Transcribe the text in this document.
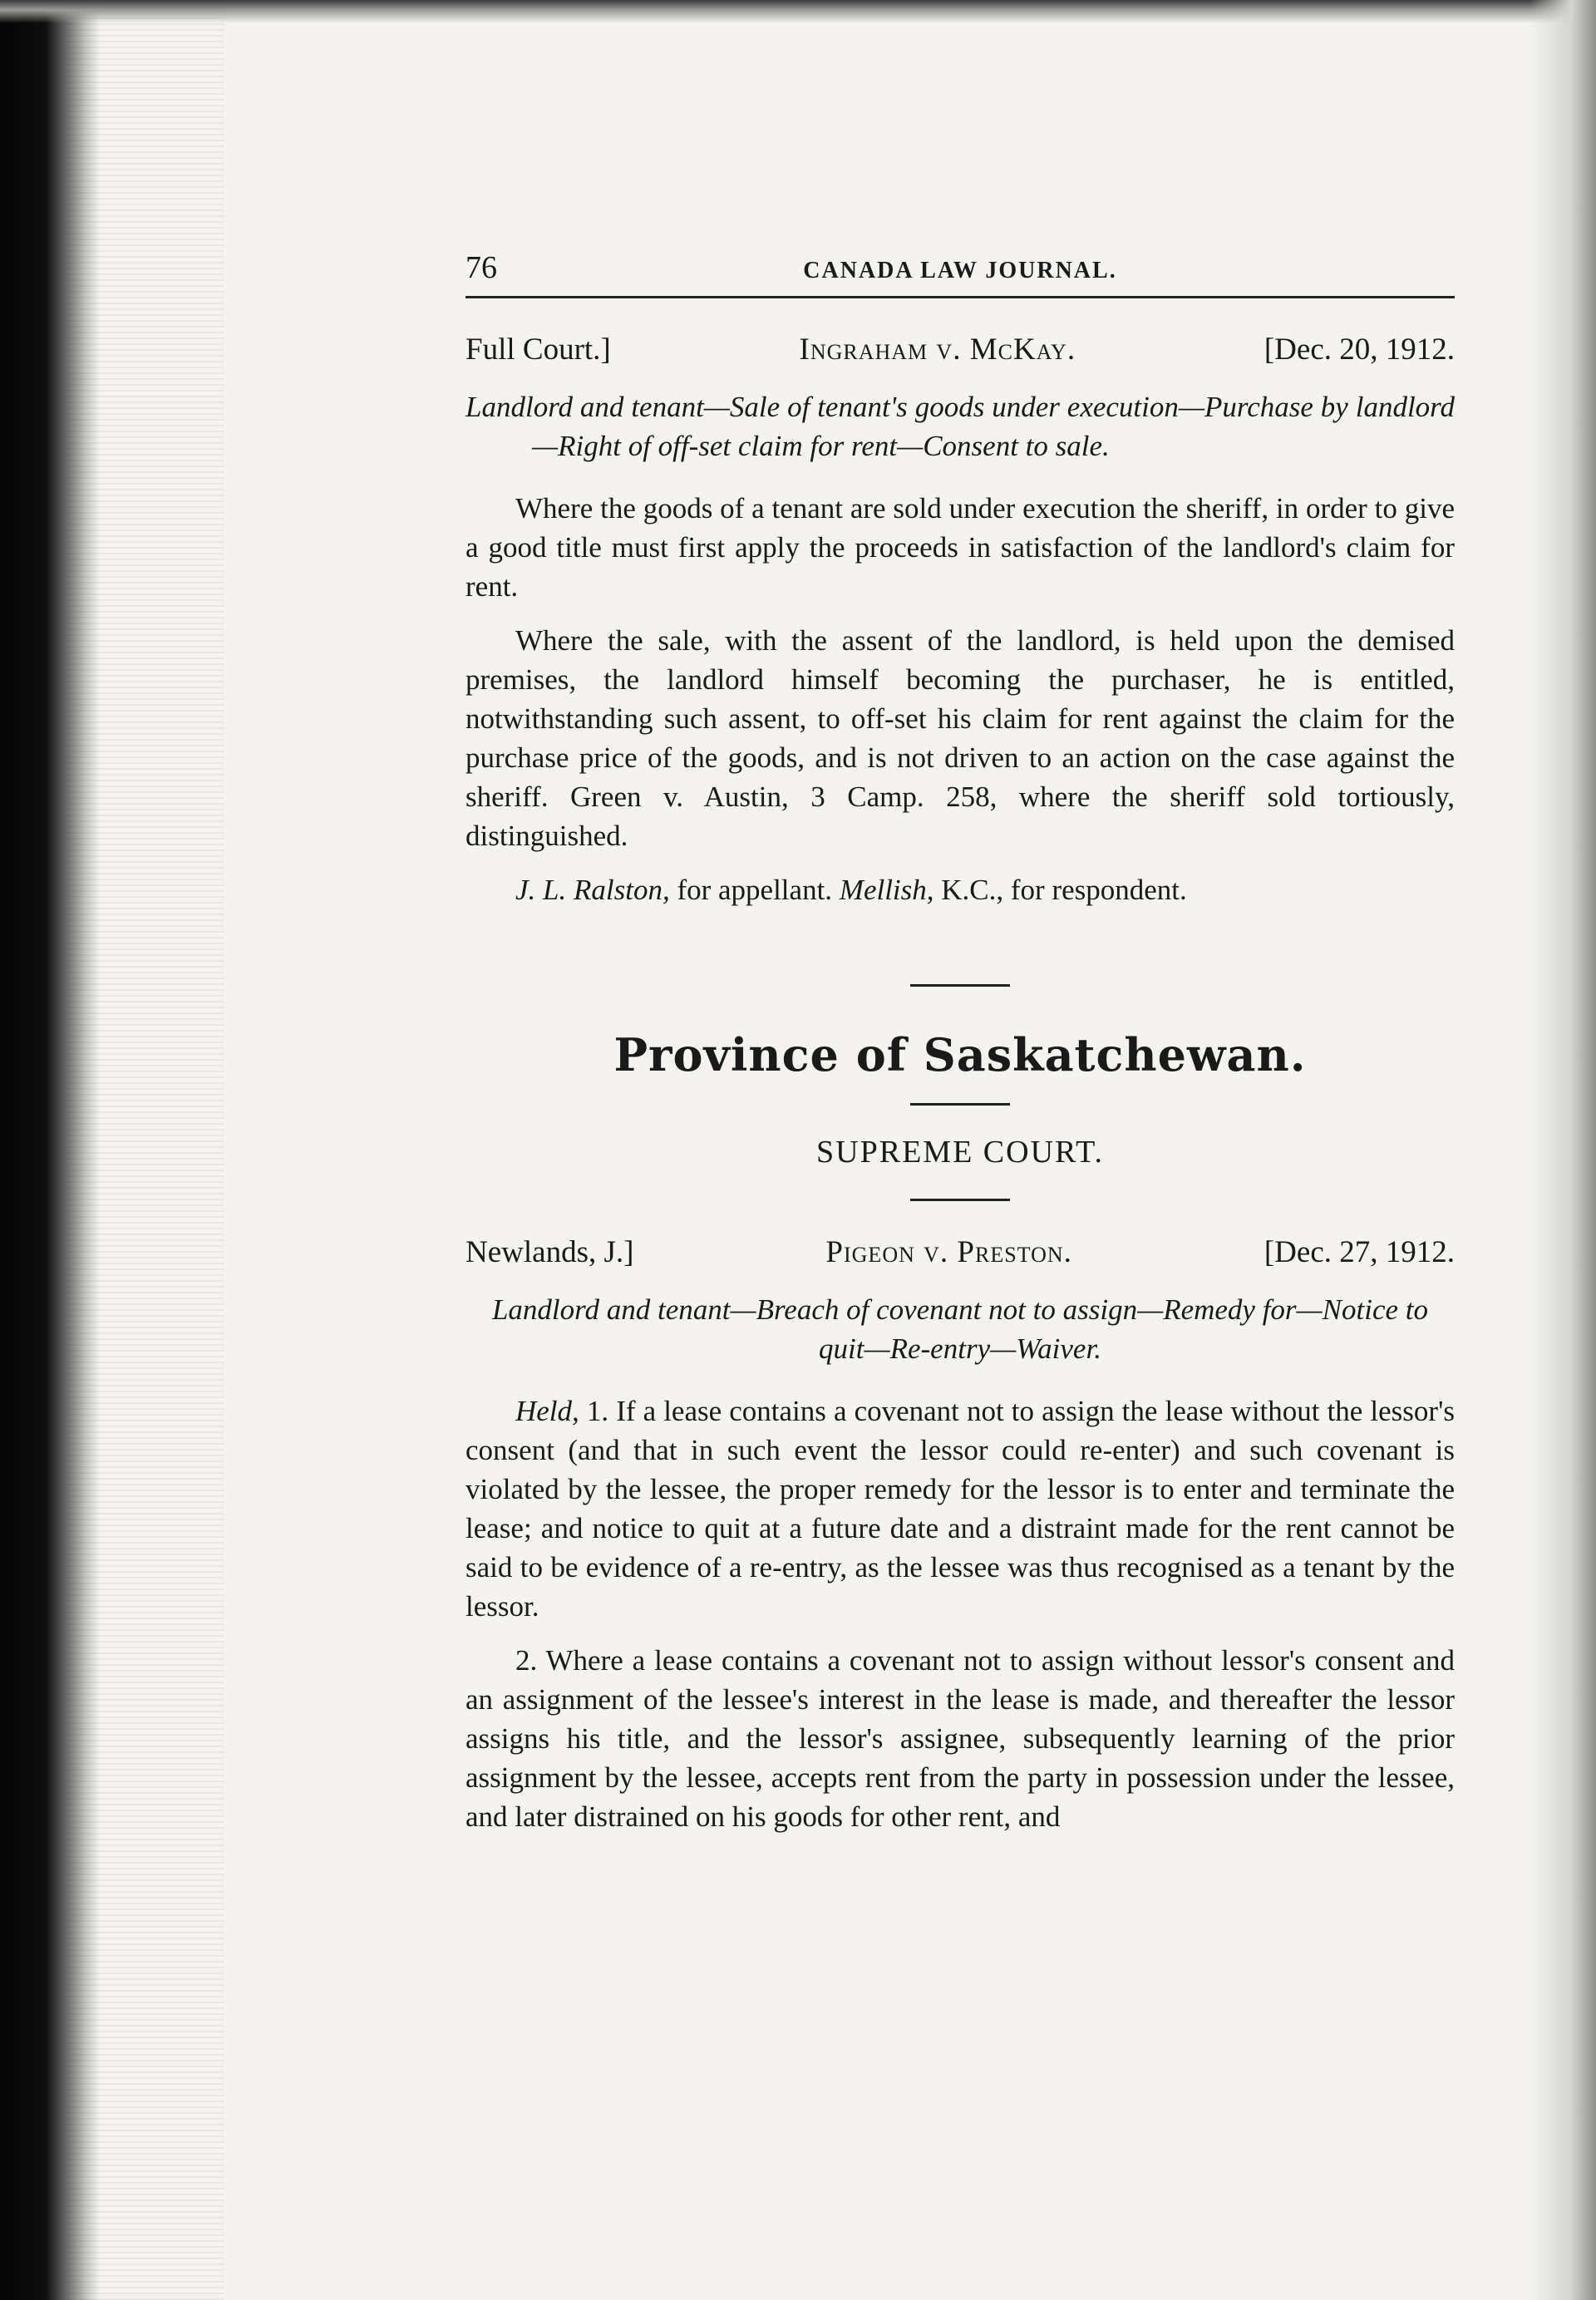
76	CANADA LAW JOURNAL.
Full Court.]	Ingraham v. McKay.	[Dec. 20, 1912.
Landlord and tenant—Sale of tenant's goods under execution—Purchase by landlord—Right of off-set claim for rent—Consent to sale.
Where the goods of a tenant are sold under execution the sheriff, in order to give a good title must first apply the proceeds in satisfaction of the landlord's claim for rent.
Where the sale, with the assent of the landlord, is held upon the demised premises, the landlord himself becoming the purchaser, he is entitled, notwithstanding such assent, to off-set his claim for rent against the claim for the purchase price of the goods, and is not driven to an action on the case against the sheriff. Green v. Austin, 3 Camp. 258, where the sheriff sold tortiously, distinguished.
J. L. Ralston, for appellant. Mellish, K.C., for respondent.
Province of Saskatchewan.
SUPREME COURT.
Newlands, J.]	Pigeon v. Preston.	[Dec. 27, 1912.
Landlord and tenant—Breach of covenant not to assign—Remedy for—Notice to quit—Re-entry—Waiver.
Held, 1. If a lease contains a covenant not to assign the lease without the lessor's consent (and that in such event the lessor could re-enter) and such covenant is violated by the lessee, the proper remedy for the lessor is to enter and terminate the lease; and notice to quit at a future date and a distraint made for the rent cannot be said to be evidence of a re-entry, as the lessee was thus recognised as a tenant by the lessor.
2. Where a lease contains a covenant not to assign without lessor's consent and an assignment of the lessee's interest in the lease is made, and thereafter the lessor assigns his title, and the lessor's assignee, subsequently learning of the prior assignment by the lessee, accepts rent from the party in possession under the lessee, and later distrained on his goods for other rent, and
